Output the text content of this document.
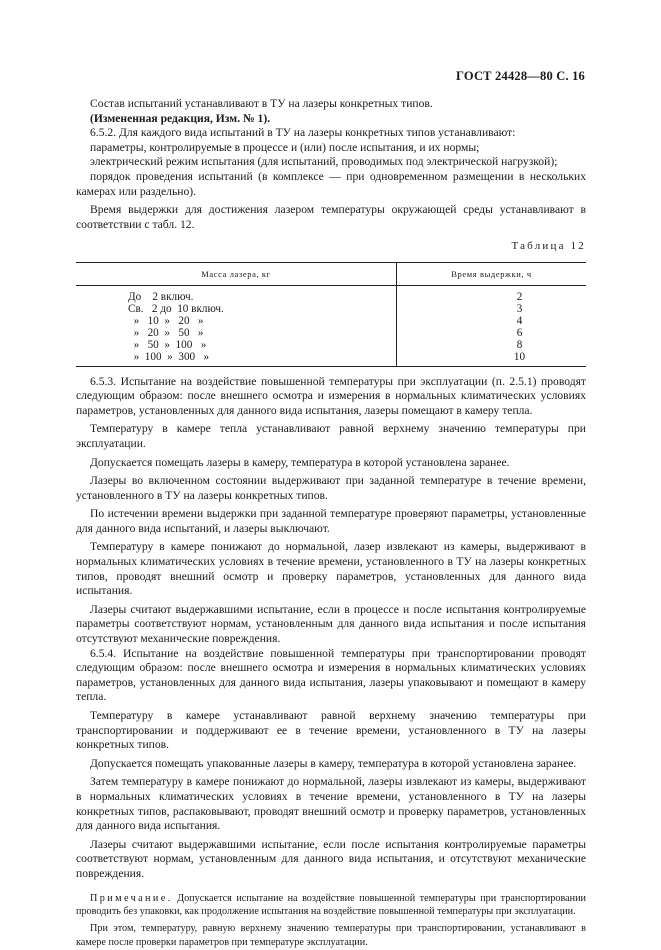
ГОСТ 24428—80 С. 16

Состав испытаний устанавливают в ТУ на лазеры конкретных типов.

(Измененная редакция, Изм. № 1).

6.5.2. Для каждого вида испытаний в ТУ на лазеры конкретных типов устанавливают:

параметры, контролируемые в процессе и (или) после испытания, и их нормы;

электрический режим испытания (для испытаний, проводимых под электрической нагрузкой);

порядок проведения испытаний (в комплексе — при одновременном размещении в нескольких камерах или раздельно).

Время выдержки для достижения лазером температуры окружающей среды устанавливают в соответствии с табл. 12.

Таблица 12
Масса лазера, кг	Время выдержки, ч
До    2 включ.	2
Св.   2 до  10 включ.	3
»   10  »   20   »	4
»   20  »   50   »	6
»   50  »  100   »	8
»  100  »  300   »	10

6.5.3. Испытание на воздействие повышенной температуры при эксплуатации (п. 2.5.1) проводят следующим образом: после внешнего осмотра и измерения в нормальных климатических условиях параметров, установленных для данного вида испытания, лазеры помещают в камеру тепла.

Температуру в камере тепла устанавливают равной верхнему значению температуры при эксплуатации.

Допускается помещать лазеры в камеру, температура в которой установлена заранее.

Лазеры во включенном состоянии выдерживают при заданной температуре в течение времени, установленного в ТУ на лазеры конкретных типов.

По истечении времени выдержки при заданной температуре проверяют параметры, установленные для данного вида испытаний, и лазеры выключают.

Температуру в камере понижают до нормальной, лазер извлекают из камеры, выдерживают в нормальных климатических условиях в течение времени, установленного в ТУ на лазеры конкретных типов, проводят внешний осмотр и проверку параметров, установленных для данного вида испытания.

Лазеры считают выдержавшими испытание, если в процессе и после испытания контролируемые параметры соответствуют нормам, установленным для данного вида испытания и после испытания отсутствуют механические повреждения.

6.5.4. Испытание на воздействие повышенной температуры при транспортировании проводят следующим образом: после внешнего осмотра и измерения в нормальных климатических условиях параметров, установленных для данного вида испытания, лазеры упаковывают и помещают в камеру тепла.

Температуру в камере устанавливают равной верхнему значению температуры при транспортировании и поддерживают ее в течение времени, установленного в ТУ на лазеры конкретных типов.

Допускается помещать упакованные лазеры в камеру, температура в которой установлена заранее.

Затем температуру в камере понижают до нормальной, лазеры извлекают из камеры, выдерживают в нормальных климатических условиях в течение времени, установленного в ТУ на лазеры конкретных типов, распаковывают, проводят внешний осмотр и проверку параметров, установленных для данного вида испытания.

Лазеры считают выдержавшими испытание, если после испытания контролируемые параметры соответствуют нормам, установленным для данного вида испытания, и отсутствуют механические повреждения.

Примечание. Допускается испытание на воздействие повышенной температуры при транспортировании проводить без упаковки, как продолжение испытания на воздействие повышенной температуры при эксплуатации.

При этом, температуру, равную верхнему значению температуры при транспортировании, устанавливают в камере после проверки параметров при температуре эксплуатации.
